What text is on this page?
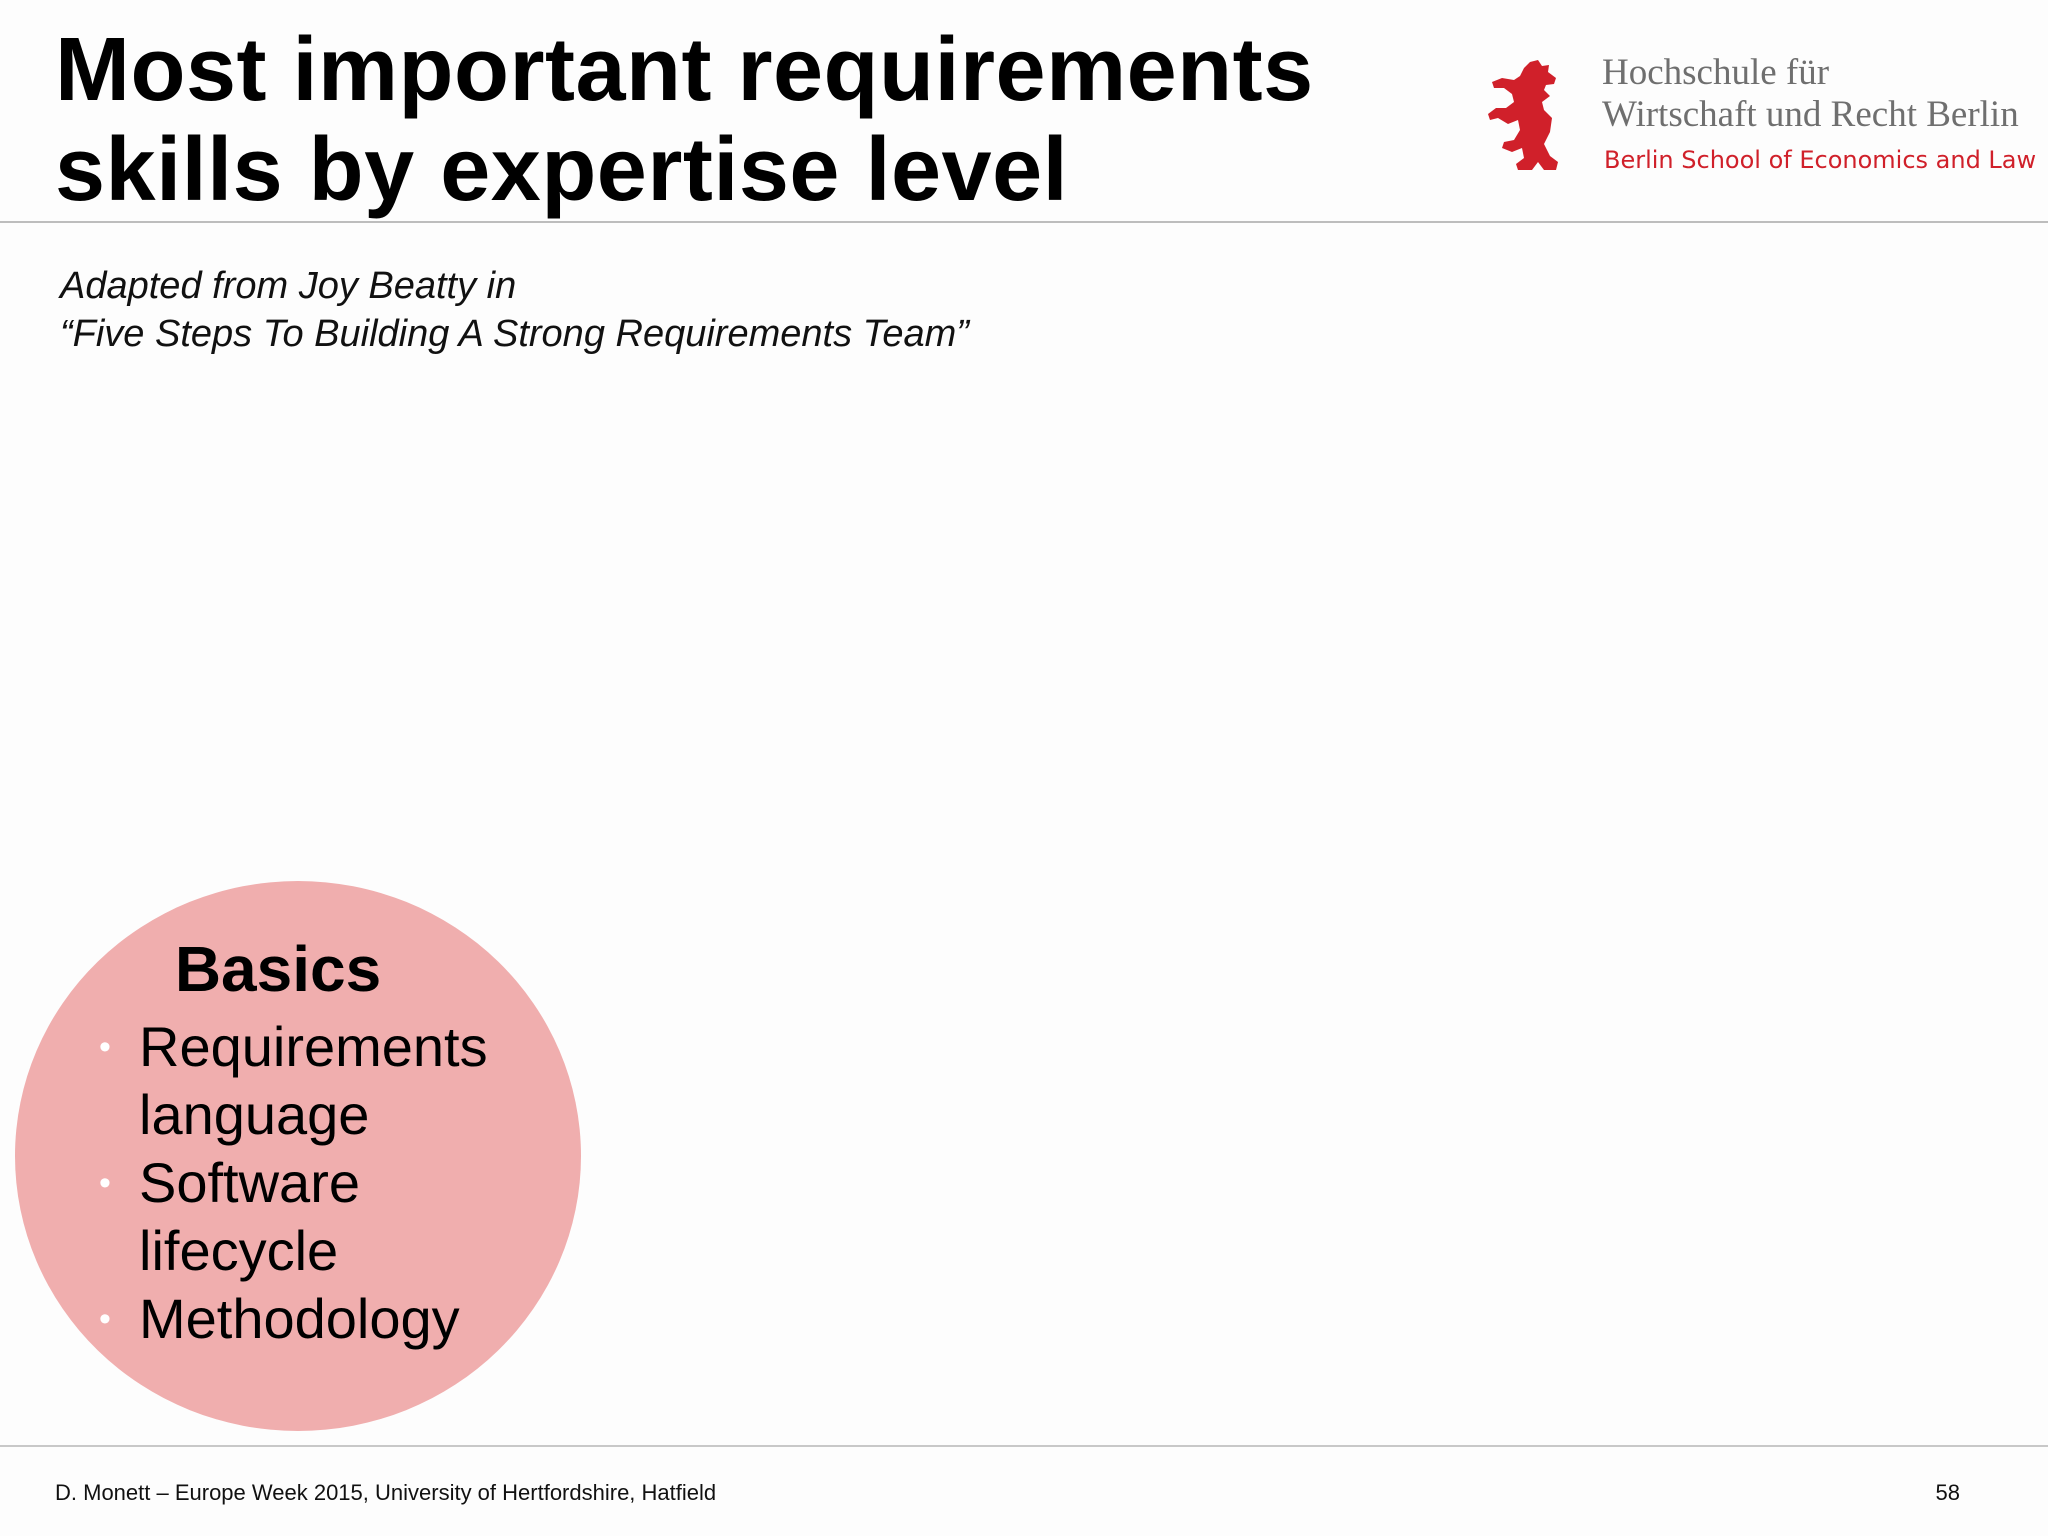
Most important requirements
skills by expertise level
Hochschule für
Wirtschaft und Recht Berlin
Berlin School of Economics and Law
Adapted from Joy Beatty in
“Five Steps To Building A Strong Requirements Team”
Basics
• Requirements
language
• Software
lifecycle
• Methodology
D. Monett – Europe Week 2015, University of Hertfordshire, Hatfield	58
